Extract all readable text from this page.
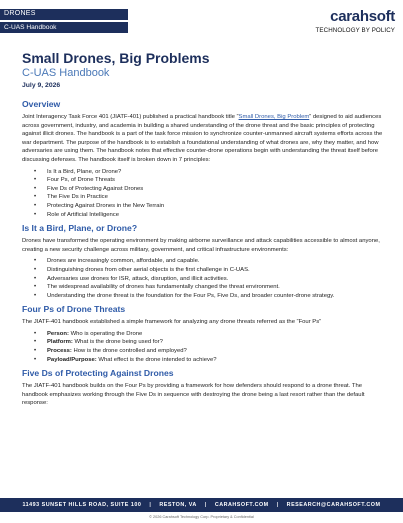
DRONES
C-UAS Handbook
carahsoft
TECHNOLOGY BY POLICY
Small Drones, Big Problems
C-UAS Handbook
July 9, 2026
Overview

Joint Interagency Task Force 401 (JIATF-401) published a practical handbook title “Small Drones, Big Problem” designed to aid audiences across government, industry, and academia in building a shared understanding of the drone threat and the basic principles of protecting against illicit drones. The handbook is a part of the task force mission to synchronize counter-unmanned aircraft systems efforts across the war department. The purpose of the handbook is to establish a foundational understanding of what drones are, why they matter, and how adversaries are using them. The handbook notes that effective counter-drone operations begin with understanding the threat itself before discussing defenses. The handbook itself is broken down in 7 principles:

• Is It a Bird, Plane, or Drone?
• Four Ps, of Drone Threats
• Five Ds of Protecting Against Drones
• The Five Ds in Practice
• Protecting Against Drones in the New Terrain
• Role of Artificial Intelligence
Is It a Bird, Plane, or Drone?

Drones have transformed the operating environment by making airborne surveillance and attack capabilities accessible to almost anyone, creating a new security challenge across military, government, and critical infrastructure environments:

• Drones are increasingly common, affordable, and capable.
• Distinguishing drones from other aerial objects is the first challenge in C-UAS.
• Adversaries use drones for ISR, attack, disruption, and illicit activities.
• The widespread availability of drones has fundamentally changed the threat environment.
• Understanding the drone threat is the foundation for the Four Ps, Five Ds, and broader counter-drone strategy.
Four Ps of Drone Threats

The JIATF-401 handbook established a simple framework for analyzing any drone threats referred as the “Four Ps”

• Person: Who is operating the Drone
• Platform: What is the drone being used for?
• Process: How is the drone controlled and employed?
• Payload/Purpose: What effect is the drone intended to achieve?
Five Ds of Protecting Against Drones

The JIATF-401 handbook builds on the Four Ps by providing a framework for how defenders should respond to a drone threat. The handbook emphasizes working through the Five Ds in sequence with destroying the drone being a last resort rather than the default response:

11493 SUNSET HILLS ROAD, SUITE 100 | RESTON, VA | CARAHSOFT.COM | RESEARCH@CARAHSOFT.COM
© 2026 Carahsoft Technology Corp. Proprietary & Confidential
